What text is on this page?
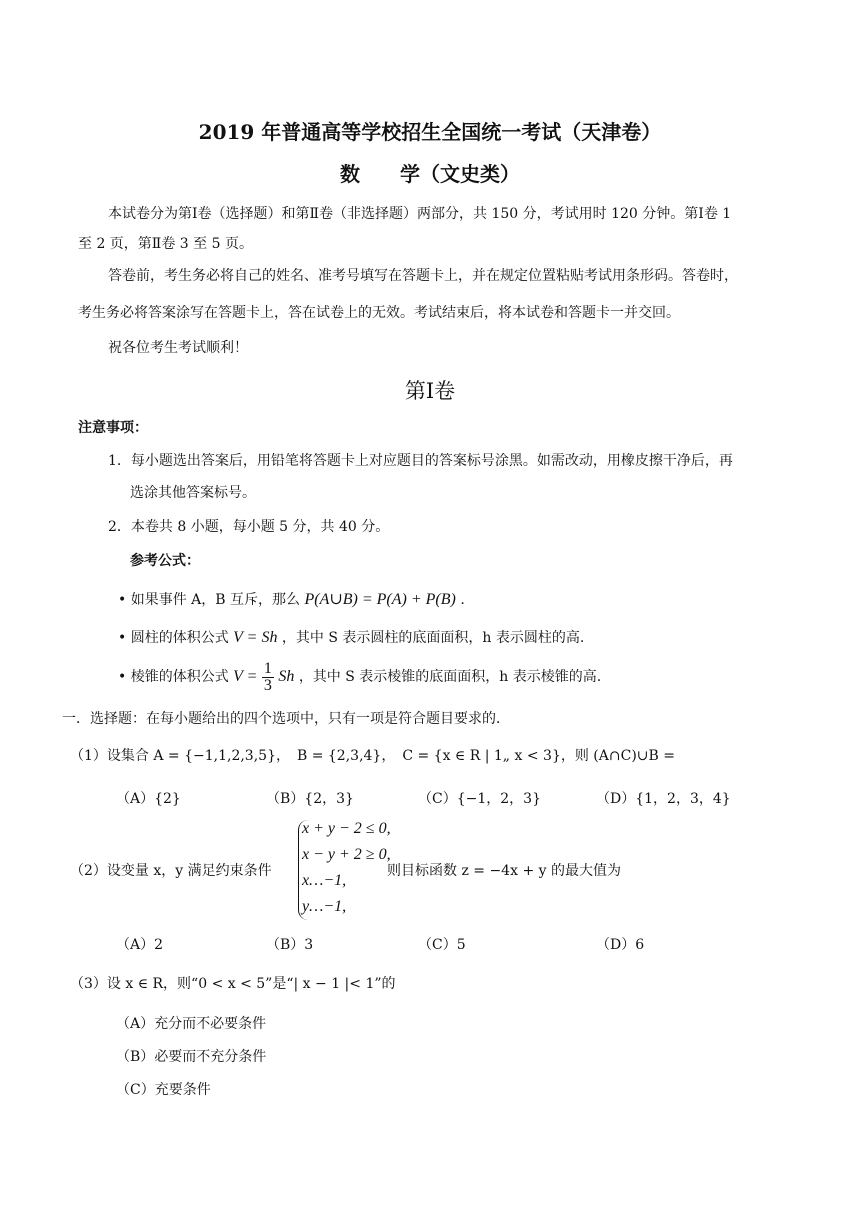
2019 年普通高等学校招生全国统一考试（天津卷）
数　　学（文史类）
本试卷分为第Ⅰ卷（选择题）和第Ⅱ卷（非选择题）两部分，共 150 分，考试用时 120 分钟。第Ⅰ卷 1
至 2 页，第Ⅱ卷 3 至 5 页。
答卷前，考生务必将自己的姓名、准考号填写在答题卡上，并在规定位置粘贴考试用条形码。答卷时，
考生务必将答案涂写在答题卡上，答在试卷上的无效。考试结束后，将本试卷和答题卡一并交回。
祝各位考生考试顺利！
第Ⅰ卷
注意事项：
1．每小题选出答案后，用铅笔将答题卡上对应题目的答案标号涂黑。如需改动，用橡皮擦干净后，再
选涂其他答案标号。
2．本卷共 8 小题，每小题 5 分，共 40 分。
参考公式：
• 如果事件 A，B 互斥，那么 P(A∪B) = P(A) + P(B) .
• 圆柱的体积公式 V = Sh ，其中 S 表示圆柱的底面面积，h 表示圆柱的高.
• 棱锥的体积公式 $V = \frac{1}{3}$ Sh ，其中 S 表示棱锥的底面面积，h 表示棱锥的高.
一．选择题：在每小题给出的四个选项中，只有一项是符合题目要求的．
（1）设集合 A = {−1,1,2,3,5}，　B = {2,3,4}，　C = {x ∈ R | 1„ x < 3}，则 (A∩C)∪B =
（A）{2}	（B）{2，3}	（C）{−1，2，3}	（D）{1，2，3，4}
（2）设变量 x，y 满足约束条件
x + y − 2 ≤ 0,
x − y + 2 ≥ 0,
x…−1,
y…−1,
则目标函数 z = −4x + y 的最大值为
（A）2	（B）3	（C）5	（D）6
（3）设 x ∈ R，则“0 < x < 5”是“| x − 1 |< 1”的
（A）充分而不必要条件
（B）必要而不充分条件
（C）充要条件
